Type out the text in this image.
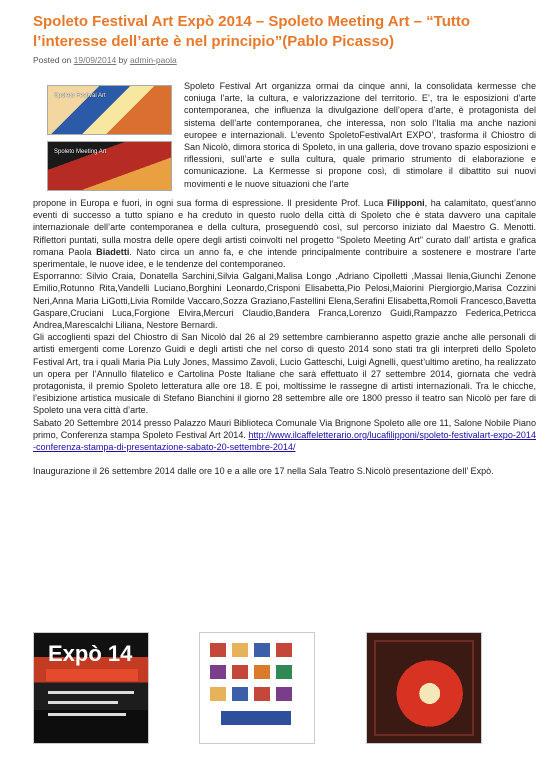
Spoleto Festival Art Expò 2014 – Spoleto Meeting Art – “Tutto l’interesse dell’arte è nel principio”(Pablo Picasso)
Posted on 19/09/2014 by admin-paola
Spoleto Festival Art
Spoleto Meeting Art

Spoleto Festival Art organizza ormai da cinque anni, la consolidata kermesse che coniuga l’arte, la cultura, e valorizzazione del territorio. E’, tra le esposizioni d’arte contemporanea, che influenza la divulgazione dell’opera d’arte, è protagonista del sistema dell’arte contemporanea, che interessa, non solo l’Italia ma anche nazioni europee e internazionali. L’evento SpoletoFestivalArt EXPO’, trasforma il Chiostro di San Nicolò, dimora storica di Spoleto, in una galleria, dove trovano spazio esposizioni e riflessioni, sull’arte e sulla cultura, quale primario strumento di elaborazione e comunicazione. La Kermesse si propone così, di stimolare il dibattito sui nuovi movimenti e le nuove situazioni che l’arte

propone in Europa e fuori, in ogni sua forma di espressione. Il presidente Prof. Luca Filipponi, ha calamitato, quest’anno eventi di successo a tutto spiano e ha creduto in questo ruolo della città di Spoleto che è stata davvero una capitale internazionale dell’arte contemporanea e della cultura, proseguendò così, sul percorso iniziato dal Maestro G. Menotti. Riflettori puntati, sulla mostra delle opere degli artisti coinvolti nel progetto “Spoleto Meeting Art” curato dall’ artista e grafica romana Paola Biadetti. Nato circa un anno fa, e che intende principalmente contribuire a sostenere e mostrare l’arte sperimentale, le nuove idee, e le tendenze del contemporaneo.

Esporranno: Silvio Craia, Donatella Sarchini,Silvia Galgani,Malisa Longo ,Adriano Cipolletti ,Massai Ilenia,Giunchi Zenone Emilio,Rotunno Rita,Vandelli Luciano,Borghini Leonardo,Crisponi Elisabetta,Pio Pelosi,Maiorini Piergiorgio,Marisa Cozzini Neri,Anna Maria LiGotti,Livia Romilde Vaccaro,Sozza Graziano,Fastellini Elena,Serafini Elisabetta,Romoli Francesco,Bavetta Gaspare,Cruciani Luca,Forgione Elvira,Mercuri Claudio,Bandera Franca,Lorenzo Guidi,Rampazzo Federica,Petricca Andrea,Marescalchi Liliana, Nestore Bernardi.

Gli accoglienti spazi del Chiostro di San Nicolò dal 26 al 29 settembre cambieranno aspetto grazie anche alle personali di artisti emergenti come Lorenzo Guidi e degli artisti che nel corso di questo 2014 sono stati tra gli interpreti dello Spoleto Festival Art, tra i quali Maria Pia Luly Jones, Massimo Zavoli, Lucio Gatteschi, Luigi Agnelli, quest’ultimo aretino, ha realizzato un opera per l’Annullo filatelico e Cartolina Poste Italiane che sarà effettuato il 27 settembre 2014, giornata che vedrà protagonista, il premio Spoleto letteratura alle ore 18. E poi, moltissime le rassegne di artisti internazionali. Tra le chicche, l’esibizione artistica musicale di Stefano Bianchini il giorno 28 settembre alle ore 1800 presso il teatro san Nicolò per fare di Spoleto una vera città d’arte.

Sabato 20 Settembre 2014 presso Palazzo Mauri Biblioteca Comunale Via Brignone Spoleto alle ore 11, Salone Nobile Piano primo, Conferenza stampa Spoleto Festival Art 2014. http://www.ilcaffeletterario.org/lucafilipponi/spoleto-festivalart-expo-2014-conferenza-stampa-di-presentazione-sabato-20-settembre-2014/

Inaugurazione il 26 settembre 2014 dalle ore 10 e a alle ore 17 nella Sala Teatro S.Nicolò presentazione dell’ Expò.

Expò 14
